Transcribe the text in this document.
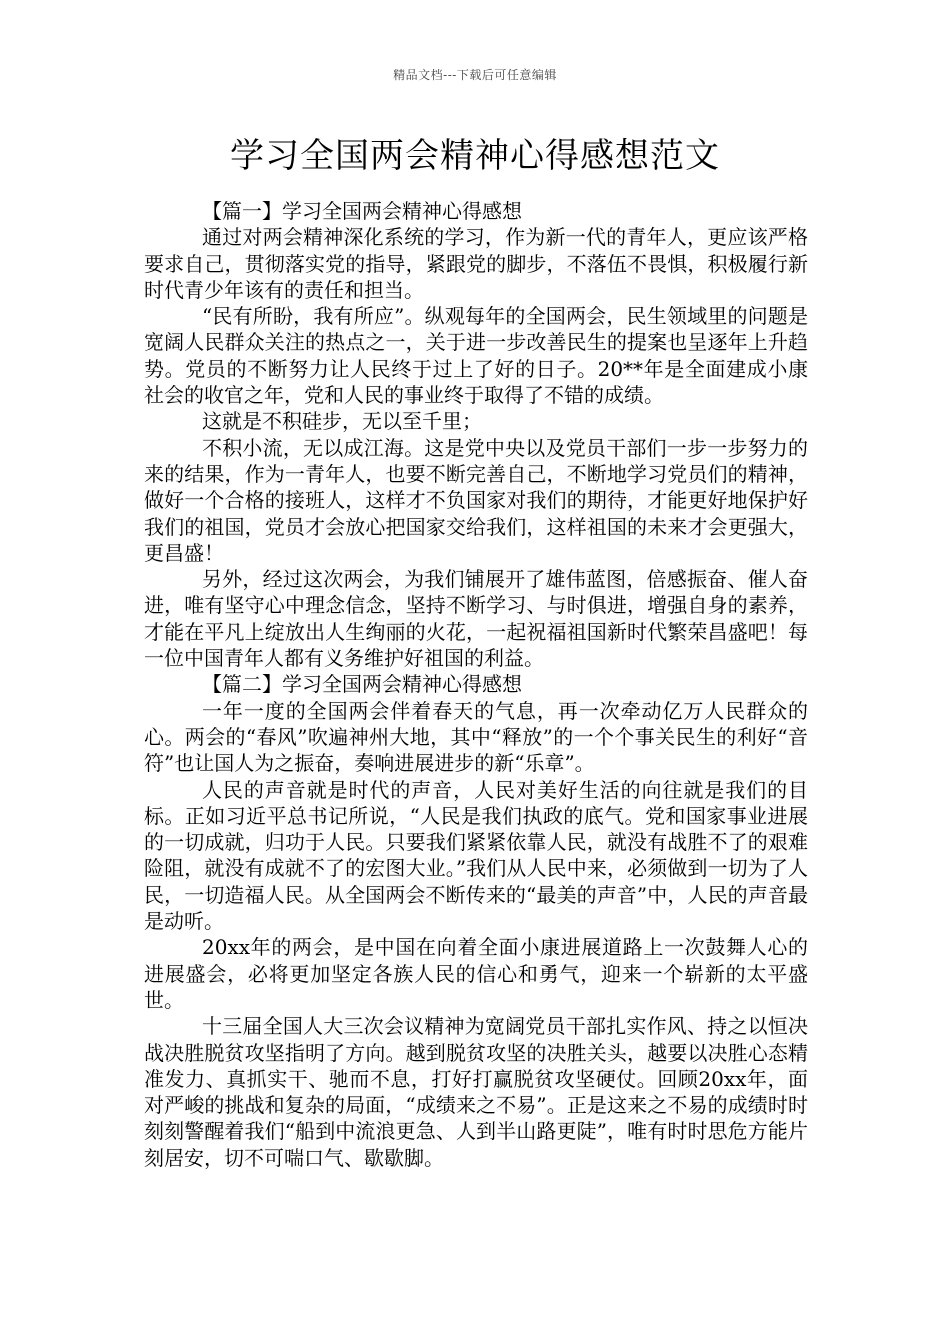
精品文档---下载后可任意编辑
学习全国两会精神心得感想范文

【篇一】学习全国两会精神心得感想

通过对两会精神深化系统的学习，作为新一代的青年人，更应该严格要求自己，贯彻落实党的指导，紧跟党的脚步，不落伍不畏惧，积极履行新时代青少年该有的责任和担当。

“民有所盼，我有所应”。纵观每年的全国两会，民生领域里的问题是宽阔人民群众关注的热点之一，关于进一步改善民生的提案也呈逐年上升趋势。党员的不断努力让人民终于过上了好的日子。20**年是全面建成小康社会的收官之年，党和人民的事业终于取得了不错的成绩。

这就是不积硅步，无以至千里；

不积小流，无以成江海。这是党中央以及党员干部们一步一步努力的来的结果，作为一青年人，也要不断完善自己，不断地学习党员们的精神，做好一个合格的接班人，这样才不负国家对我们的期待，才能更好地保护好我们的祖国，党员才会放心把国家交给我们，这样祖国的未来才会更强大，更昌盛！

另外，经过这次两会，为我们铺展开了雄伟蓝图，倍感振奋、催人奋进，唯有坚守心中理念信念，坚持不断学习、与时俱进，增强自身的素养，才能在平凡上绽放出人生绚丽的火花，一起祝福祖国新时代繁荣昌盛吧！每一位中国青年人都有义务维护好祖国的利益。

【篇二】学习全国两会精神心得感想

一年一度的全国两会伴着春天的气息，再一次牵动亿万人民群众的心。两会的“春风”吹遍神州大地，其中“释放”的一个个事关民生的利好“音符”也让国人为之振奋，奏响进展进步的新“乐章”。

人民的声音就是时代的声音，人民对美好生活的向往就是我们的目标。正如习近平总书记所说，“人民是我们执政的底气。党和国家事业进展的一切成就，归功于人民。只要我们紧紧依靠人民，就没有战胜不了的艰难险阻，就没有成就不了的宏图大业。”我们从人民中来，必须做到一切为了人民，一切造福人民。从全国两会不断传来的“最美的声音”中，人民的声音最是动听。

20xx年的两会，是中国在向着全面小康进展道路上一次鼓舞人心的进展盛会，必将更加坚定各族人民的信心和勇气，迎来一个崭新的太平盛世。

十三届全国人大三次会议精神为宽阔党员干部扎实作风、持之以恒决战决胜脱贫攻坚指明了方向。越到脱贫攻坚的决胜关头，越要以决胜心态精准发力、真抓实干、驰而不息，打好打赢脱贫攻坚硬仗。回顾20xx年，面对严峻的挑战和复杂的局面，“成绩来之不易”。正是这来之不易的成绩时时刻刻警醒着我们“船到中流浪更急、人到半山路更陡”，唯有时时思危方能片刻居安，切不可喘口气、歇歇脚。
